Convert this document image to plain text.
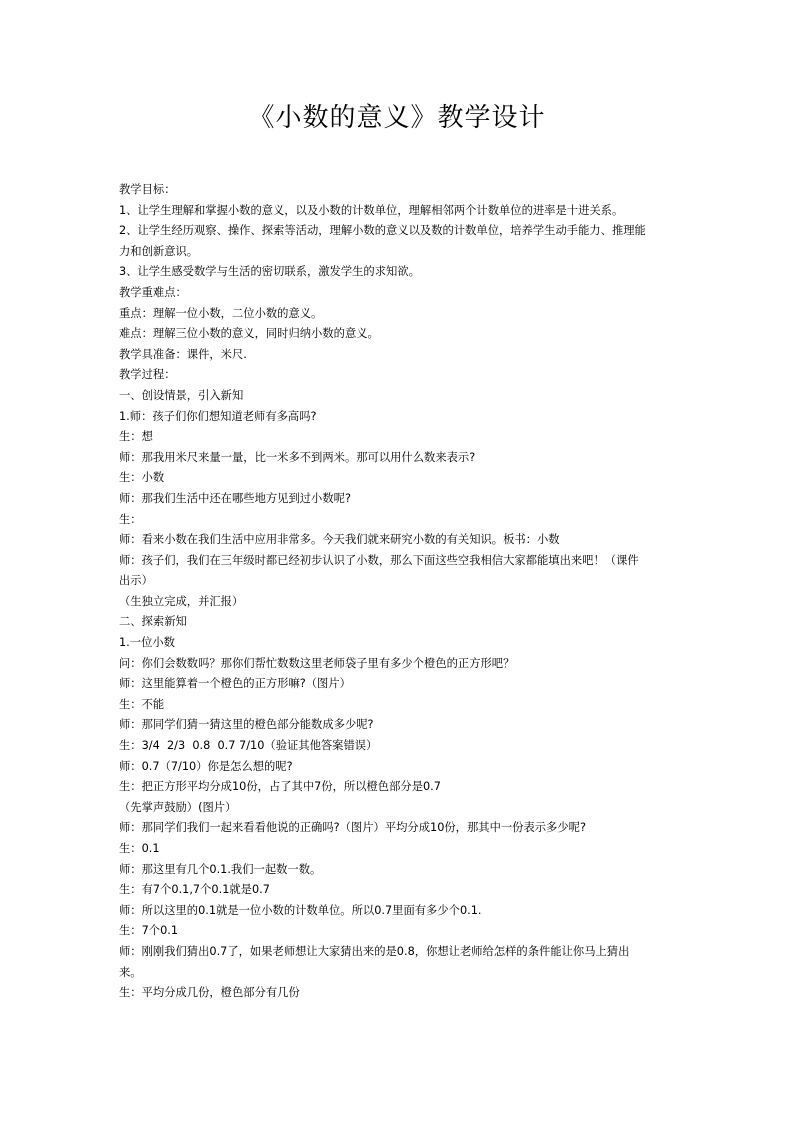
《小数的意义》教学设计

教学目标：

1、让学生理解和掌握小数的意义，以及小数的计数单位，理解相邻两个计数单位的进率是十进关系。

2、让学生经历观察、操作、探索等活动，理解小数的意义以及数的计数单位，培养学生动手能力、推理能

力和创新意识。

3、让学生感受数学与生活的密切联系，激发学生的求知欲。

教学重难点：

重点：理解一位小数，二位小数的意义。

难点：理解三位小数的意义，同时归纳小数的意义。

教学具准备：课件，米尺.

教学过程：

一、创设情景，引入新知

1.师：孩子们你们想知道老师有多高吗?

生：想

师：那我用米尺来量一量，比一米多不到两米。那可以用什么数来表示?

生：小数

师：那我们生活中还在哪些地方见到过小数呢?

生：

师：看来小数在我们生活中应用非常多。今天我们就来研究小数的有关知识。板书：小数

师：孩子们，我们在三年级时都已经初步认识了小数，那么下面这些空我相信大家都能填出来吧！（课件

出示）

（生独立完成，并汇报）

二、探索新知

1.一位小数

问：你们会数数吗？那你们帮忙数数这里老师袋子里有多少个橙色的正方形吧？

师：这里能算着一个橙色的正方形嘛?（图片）

生：不能

师：那同学们猜一猜这里的橙色部分能数成多少呢?

生：3/4  2/3  0.8  0.7 7/10（验证其他答案错误）

师：0.7（7/10）你是怎么想的呢?

生：把正方形平均分成10份，占了其中7份，所以橙色部分是0.7

（先掌声鼓励）(图片）

师：那同学们我们一起来看看他说的正确吗?（图片）平均分成10份，那其中一份表示多少呢?

生：0.1

师：那这里有几个0.1.我们一起数一数。

生：有7个0.1,7个0.1就是0.7

师：所以这里的0.1就是一位小数的计数单位。所以0.7里面有多少个0.1.

生：7个0.1

师：刚刚我们猜出0.7了，如果老师想让大家猜出来的是0.8，你想让老师给怎样的条件能让你马上猜出

来。

生：平均分成几份，橙色部分有几份
